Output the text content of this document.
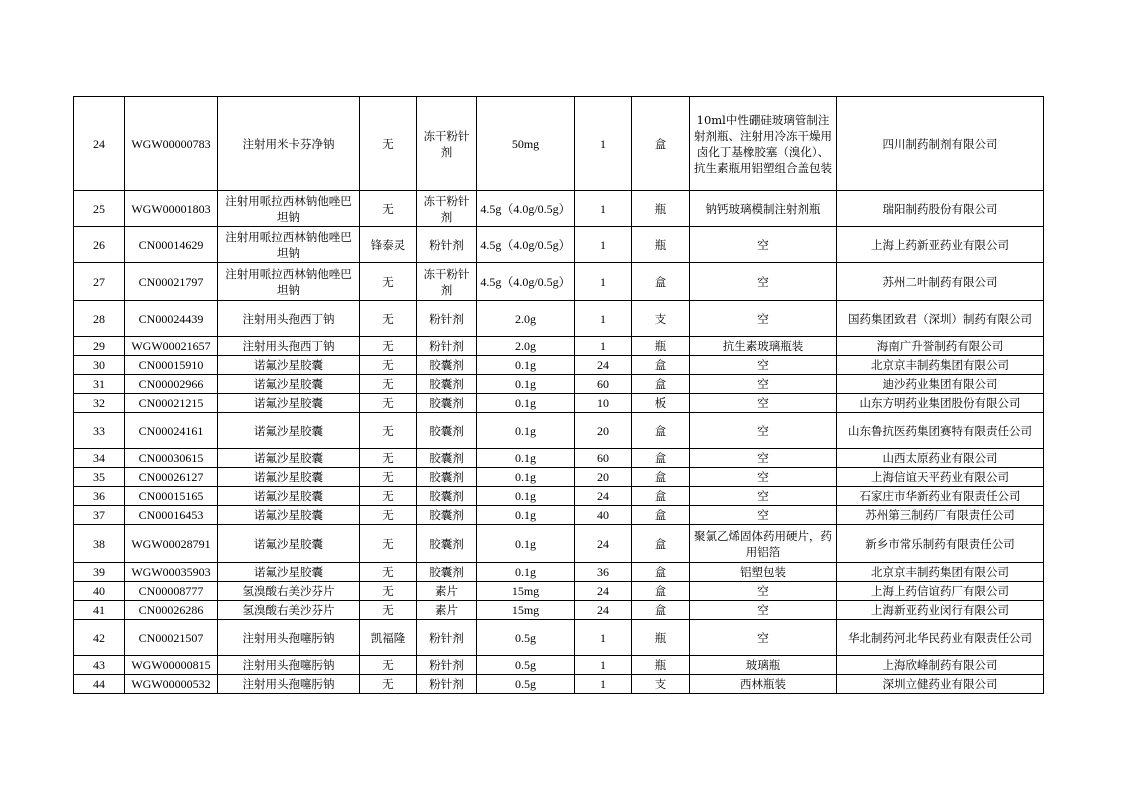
24	WGW00000783	注射用米卡芬净钠	无	冻干粉针剂	50mg	1	盒	10ml中性硼硅玻璃管制注射剂瓶、注射用冷冻干燥用卤化丁基橡胶塞（溴化）、抗生素瓶用铝塑组合盖包装	四川制药制剂有限公司
25	WGW00001803	注射用哌拉西林钠他唑巴坦钠	无	冻干粉针剂	4.5g（4.0g/0.5g）	1	瓶	钠钙玻璃模制注射剂瓶	瑞阳制药股份有限公司
26	CN00014629	注射用哌拉西林钠他唑巴坦钠	锋泰灵	粉针剂	4.5g（4.0g/0.5g）	1	瓶	空	上海上药新亚药业有限公司
27	CN00021797	注射用哌拉西林钠他唑巴坦钠	无	冻干粉针剂	4.5g（4.0g/0.5g）	1	盒	空	苏州二叶制药有限公司
28	CN00024439	注射用头孢西丁钠	无	粉针剂	2.0g	1	支	空	国药集团致君（深圳）制药有限公司
29	WGW00021657	注射用头孢西丁钠	无	粉针剂	2.0g	1	瓶	抗生素玻璃瓶装	海南广升誉制药有限公司
30	CN00015910	诺氟沙星胶囊	无	胶囊剂	0.1g	24	盒	空	北京京丰制药集团有限公司
31	CN00002966	诺氟沙星胶囊	无	胶囊剂	0.1g	60	盒	空	迪沙药业集团有限公司
32	CN00021215	诺氟沙星胶囊	无	胶囊剂	0.1g	10	板	空	山东方明药业集团股份有限公司
33	CN00024161	诺氟沙星胶囊	无	胶囊剂	0.1g	20	盒	空	山东鲁抗医药集团赛特有限责任公司
34	CN00030615	诺氟沙星胶囊	无	胶囊剂	0.1g	60	盒	空	山西太原药业有限公司
35	CN00026127	诺氟沙星胶囊	无	胶囊剂	0.1g	20	盒	空	上海信谊天平药业有限公司
36	CN00015165	诺氟沙星胶囊	无	胶囊剂	0.1g	24	盒	空	石家庄市华新药业有限责任公司
37	CN00016453	诺氟沙星胶囊	无	胶囊剂	0.1g	40	盒	空	苏州第三制药厂有限责任公司
38	WGW00028791	诺氟沙星胶囊	无	胶囊剂	0.1g	24	盒	聚氯乙烯固体药用硬片，药用铝箔	新乡市常乐制药有限责任公司
39	WGW00035903	诺氟沙星胶囊	无	胶囊剂	0.1g	36	盒	铝塑包装	北京京丰制药集团有限公司
40	CN00008777	氢溴酸右美沙芬片	无	素片	15mg	24	盒	空	上海上药信谊药厂有限公司
41	CN00026286	氢溴酸右美沙芬片	无	素片	15mg	24	盒	空	上海新亚药业闵行有限公司
42	CN00021507	注射用头孢噻肟钠	凯福隆	粉针剂	0.5g	1	瓶	空	华北制药河北华民药业有限责任公司
43	WGW00000815	注射用头孢噻肟钠	无	粉针剂	0.5g	1	瓶	玻璃瓶	上海欣峰制药有限公司
44	WGW00000532	注射用头孢噻肟钠	无	粉针剂	0.5g	1	支	西林瓶装	深圳立健药业有限公司
